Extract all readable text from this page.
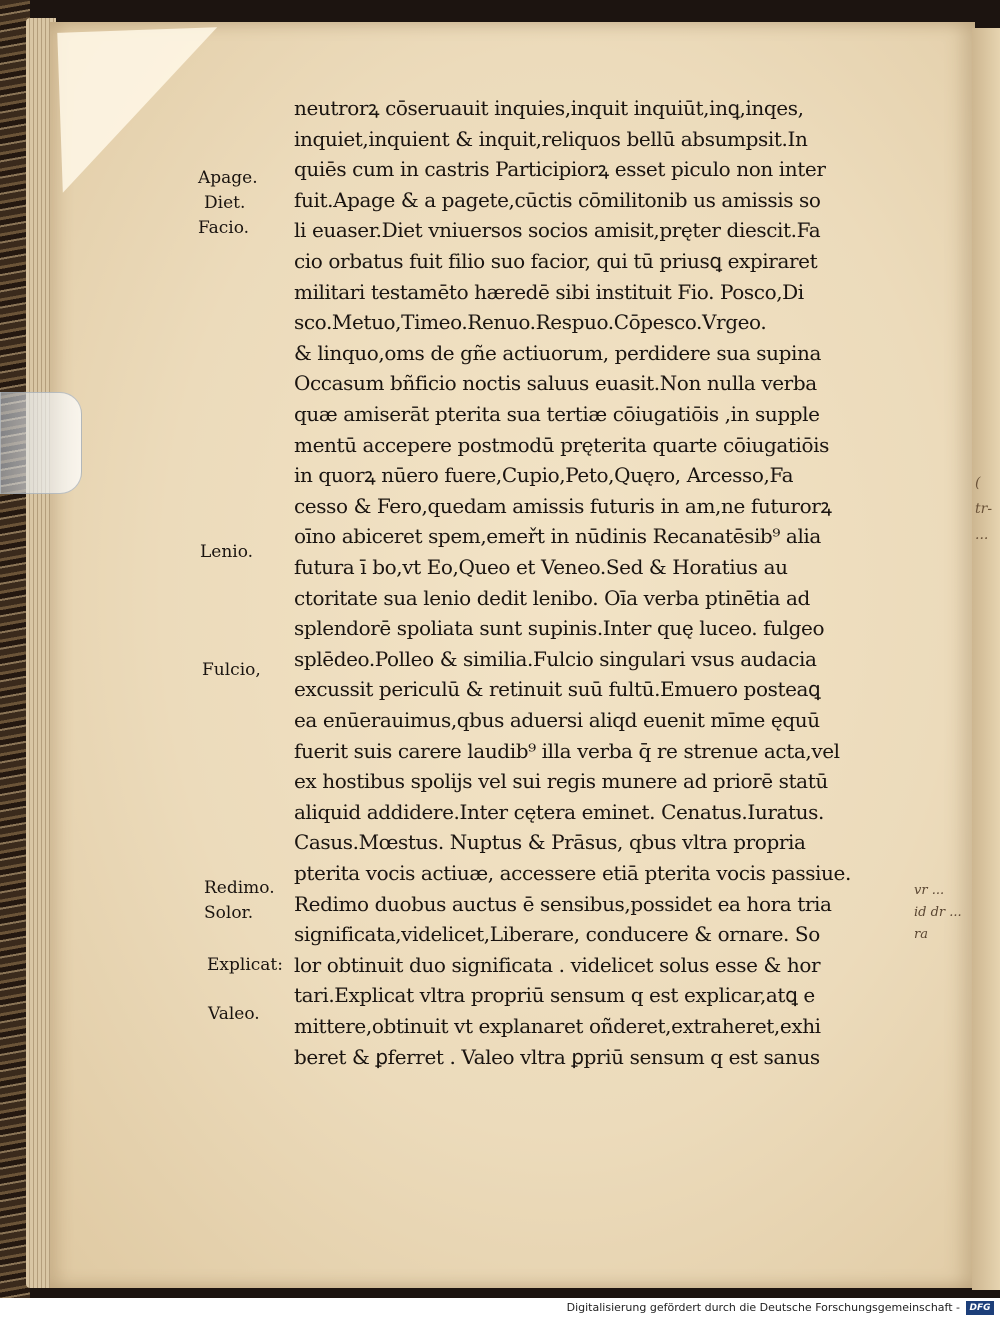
( tr- ...
neutrorꝝ cōseruauit inquies,inquit inquiūt,inꝗ,inqes,
inquiet,inquient & inquit,reliquos bellū absumpsit.In
quiēs cum in castris Participiorꝝ esset piculo non inter
fuit.Apage & a pagete,cūctis cōmilitonib us amissis so
li euaser.Diet vniuersos socios amisit,pręter diescit.Fa
cio orbatus fuit filio suo facior, qui tū priusꝗ expiraret
militari testamēto hæredē sibi instituit Fio. Posco,Di
sco.Metuo,Timeo.Renuo.Respuo.Cōpesco.Vrgeo.
& linquo,oms de gñe actiuorum, perdidere sua supina
Occasum bñficio noctis saluus euasit.Non nulla verba
quæ amiserāt pterita sua tertiæ cōiugatiōis ,in supple
mentū accepere postmodū pręterita quarte cōiugatiōis
in quorꝝ nūero fuere,Cupio,Peto,Quęro, Arcesso,Fa
cesso & Fero,quedam amissis futuris in am,ne futurorꝝ
oīno abiceret spem,emeřt in nūdinis Recanatēsib⁹ alia
futura ī bo,vt Eo,Queo et Veneo.Sed & Horatius au
ctoritate sua lenio dedit lenibo. Oīa verba ptinētia ad
splendorē spoliata sunt supinis.Inter quę luceo. fulgeo
splēdeo.Polleo & similia.Fulcio singulari vsus audacia
excussit periculū & retinuit suū fultū.Emuero posteaꝗ
ea enūerauimus,qbus aduersi aliqd euenit mīme ęquū
fuerit suis carere laudib⁹ illa verba q̄ re strenue acta,vel
ex hostibus spolijs vel sui regis munere ad priorē statū
aliquid addidere.Inter cętera eminet. Cenatus.Iuratus.
Casus.Mœstus. Nuptus & Prāsus, qbus vltra propria
pterita vocis actiuæ, accessere etiā pterita vocis passiue.
Redimo duobus auctus ē sensibus,possidet ea hora tria
significata,videlicet,Liberare, conducere & ornare. So
lor obtinuit duo significata . videlicet solus esse & hor
tari.Explicat vltra propriū sensum q est explicar,atꝗ e
mittere,obtinuit vt explanaret oñderet,extraheret,exhi
beret & ꝑferret . Valeo vltra ꝑpriū sensum q est sanus
Apage.
Diet.
Facio.
Lenio.
Fulcio,
Redimo.
Solor.
Explicat:
Valeo.
vr ... id dr ... ra
Digitalisierung gefördert durch die Deutsche Forschungsgemeinschaft -	DFG
